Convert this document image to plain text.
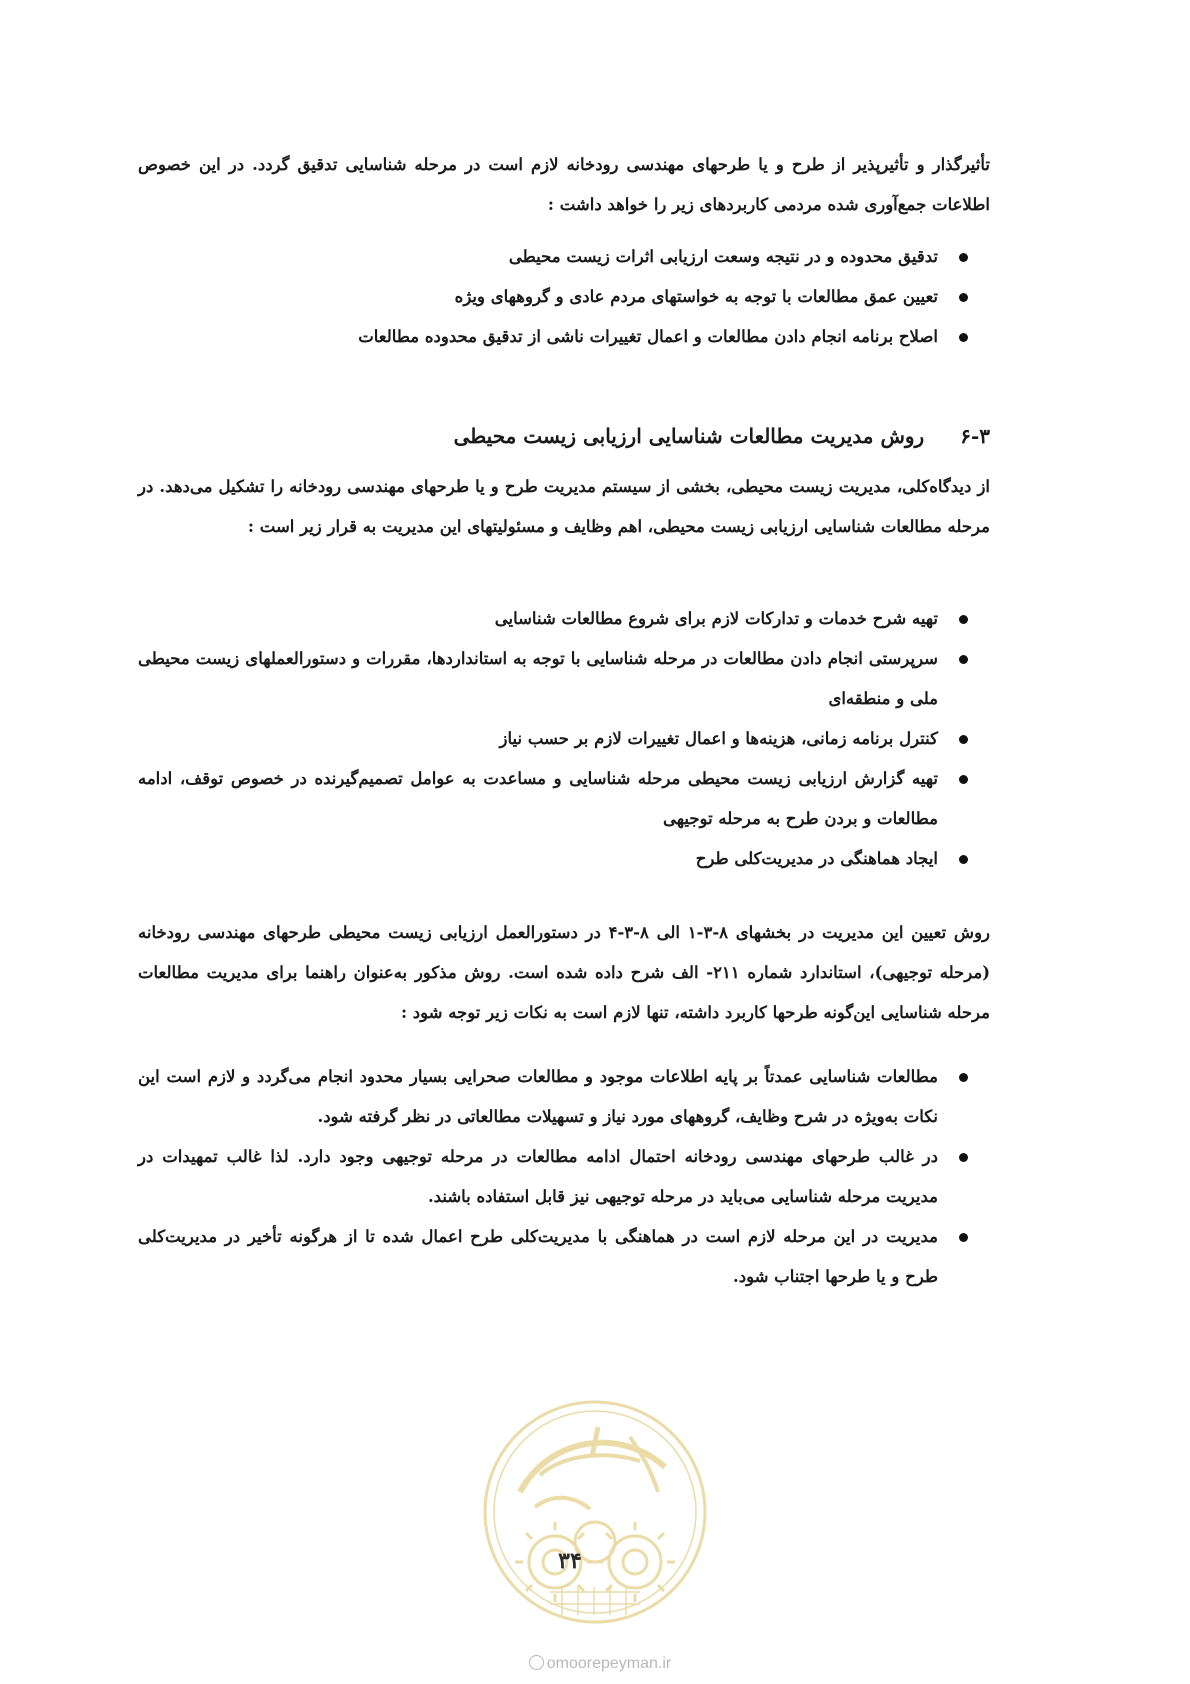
تأثیرگذار و تأثیرپذیر از طرح و یا طرحهای مهندسی رودخانه لازم است در مرحله شناسایی تدقیق گردد. در این خصوص اطلاعات جمع‌آوری شده مردمی کاربردهای زیر را خواهد داشت :

تدقیق محدوده و در نتیجه وسعت ارزیابی اثرات زیست محیطی
تعیین عمق مطالعات با توجه به خواستهای مردم عادی و گروههای ویژه
اصلاح برنامه انجام دادن مطالعات و اعمال تغییرات ناشی از تدقیق محدوده مطالعات
۶-۳روش مدیریت مطالعات شناسایی ارزیابی زیست محیطی

از دیدگاه‌کلی، مدیریت زیست محیطی، بخشی از سیستم مدیریت طرح و یا طرحهای مهندسی رودخانه را تشکیل می‌دهد. در مرحله مطالعات شناسایی ارزیابی زیست محیطی، اهم وظایف و مسئولیتهای این مدیریت به قرار زیر است :

تهیه شرح خدمات و تدارکات لازم برای شروع مطالعات شناسایی
سرپرستی انجام دادن مطالعات در مرحله شناسایی با توجه به استانداردها، مقررات و دستورالعملهای زیست محیطی ملی و منطقه‌ای
کنترل برنامه زمانی، هزینه‌ها و اعمال تغییرات لازم بر حسب نیاز
تهیه گزارش ارزیابی زیست محیطی مرحله شناسایی و مساعدت به عوامل تصمیم‌گیرنده در خصوص توقف، ادامه مطالعات و بردن طرح به مرحله توجیهی
ایجاد هماهنگی در مدیریت‌کلی طرح

روش تعیین این مدیریت در بخشهای ۸-۳-۱ الی ۸-۳-۴ در دستورالعمل ارزیابی زیست محیطی طرحهای مهندسی رودخانه (مرحله توجیهی)، استاندارد شماره ۲۱۱- الف شرح داده شده است. روش مذکور به‌عنوان راهنما برای مدیریت مطالعات مرحله شناسایی این‌گونه طرحها کاربرد داشته، تنها لازم است به نکات زیر توجه شود :

مطالعات شناسایی عمدتاً بر پایه اطلاعات موجود و مطالعات صحرایی بسیار محدود انجام می‌گردد و لازم است این نکات به‌ویژه در شرح وظایف، گروههای مورد نیاز و تسهیلات مطالعاتی در نظر گرفته شود.
در غالب طرحهای مهندسی رودخانه احتمال ادامه مطالعات در مرحله توجیهی وجود دارد. لذا غالب تمهیدات در مدیریت مرحله شناسایی می‌باید در مرحله توجیهی نیز قابل استفاده باشند.
مدیریت در این مرحله لازم است در هماهنگی با مدیریت‌کلی طرح اعمال شده تا از هرگونه تأخیر در مدیریت‌کلی طرح و یا طرحها اجتناب شود.
۳۴
omoorepeyman.ir
